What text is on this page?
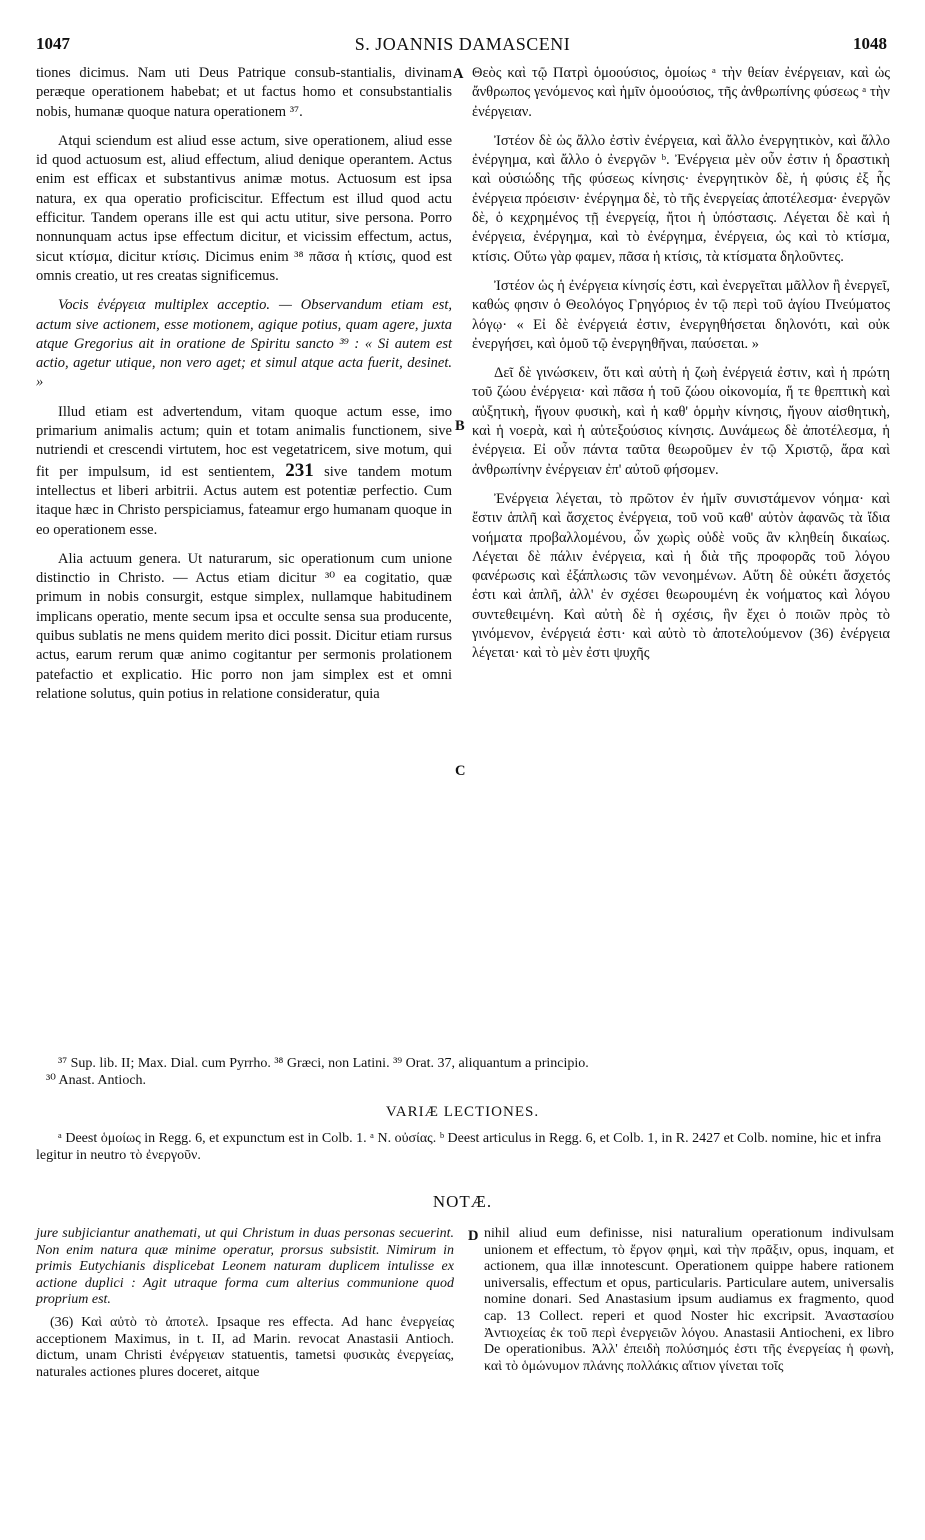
1047	S. JOANNIS DAMASCENI	1048

tiones dicimus. Nam uti Deus Patrique consub-stantialis, divinam peræque operationem habebat; et ut factus homo et consubstantialis nobis, humanæ quoque natura operationem ³⁷.

Atqui sciendum est aliud esse actum, sive operationem, aliud esse id quod actuosum est, aliud effectum, aliud denique operantem. Actus enim est efficax et substantivus animæ motus. Actuosum est ipsa natura, ex qua operatio proficiscitur. Effectum est illud quod actu efficitur. Tandem operans ille est qui actu utitur, sive persona. Porro nonnunquam actus ipse effectum dicitur, et vicissim effectum, actus, sicut κτίσμα, dicitur κτίσις. Dicimus enim ³⁸ πᾶσα ἡ κτίσις, quod est omnis creatio, ut res creatas significemus.

Vocis ἐνέργεια multiplex acceptio. — Observandum etiam est, actum sive actionem, esse motionem, agique potius, quam agere, juxta atque Gregorius ait in oratione de Spiritu sancto ³⁹ : « Si autem est actio, agetur utique, non vero aget; et simul atque acta fuerit, desinet. »

Illud etiam est advertendum, vitam quoque actum esse, imo primarium animalis actum; quin et totam animalis functionem, sive nutriendi et crescendi virtutem, hoc est vegetatricem, sive motum, qui fit per impulsum, id est sentientem, 231 sive tandem motum intellectus et liberi arbitrii. Actus autem est potentiæ perfectio. Cum itaque hæc in Christo perspiciamus, fateamur ergo humanam quoque in eo operationem esse.

Alia actuum genera. Ut naturarum, sic operationum cum unione distinctio in Christo. — Actus etiam dicitur ³⁰ ea cogitatio, quæ primum in nobis consurgit, estque simplex, nullamque habitudinem implicans operatio, mente secum ipsa et occulte sensa sua producente, quibus sublatis ne mens quidem merito dici possit. Dicitur etiam rursus actus, earum rerum quæ animo cogitantur per sermonis prolationem patefactio et explicatio. Hic porro non jam simplex est et omni relatione solutus, quin potius in relatione consideratur, quia

A
B
C
D

Θεὸς καὶ τῷ Πατρὶ ὁμοούσιος, ὁμοίως ᵃ τὴν θείαν ἐνέργειαν, καὶ ὡς ἄνθρωπος γενόμενος καὶ ἡμῖν ὁμοούσιος, τῆς ἀνθρωπίνης φύσεως ᵃ τὴν ἐνέργειαν.

Ἰστέον δὲ ὡς ἄλλο ἐστὶν ἐνέργεια, καὶ ἄλλο ἐνεργητικὸν, καὶ ἄλλο ἐνέργημα, καὶ ἄλλο ὁ ἐνεργῶν ᵇ. Ἐνέργεια μὲν οὖν ἐστιν ἡ δραστικὴ καὶ οὐσιώδης τῆς φύσεως κίνησις· ἐνεργητικὸν δὲ, ἡ φύσις ἐξ ἧς ἐνέργεια πρόεισιν· ἐνέργημα δὲ, τὸ τῆς ἐνεργείας ἀποτέλεσμα· ἐνεργῶν δὲ, ὁ κεχρημένος τῇ ἐνεργείᾳ, ἤτοι ἡ ὑπόστασις. Λέγεται δὲ καὶ ἡ ἐνέργεια, ἐνέργημα, καὶ τὸ ἐνέργημα, ἐνέργεια, ὡς καὶ τὸ κτίσμα, κτίσις. Οὕτω γὰρ φαμεν, πᾶσα ἡ κτίσις, τὰ κτίσματα δηλοῦντες.

Ἰστέον ὡς ἡ ἐνέργεια κίνησίς ἐστι, καὶ ἐνεργεῖται μᾶλλον ἢ ἐνεργεῖ, καθώς φησιν ὁ Θεολόγος Γρηγόριος ἐν τῷ περὶ τοῦ ἁγίου Πνεύματος λόγῳ· « Εἰ δὲ ἐνέργειά ἐστιν, ἐνεργηθήσεται δηλονότι, καὶ οὐκ ἐνεργήσει, καὶ ὁμοῦ τῷ ἐνεργηθῆναι, παύσεται. »

Δεῖ δὲ γινώσκειν, ὅτι καὶ αὐτὴ ἡ ζωὴ ἐνέργειά ἐστιν, καὶ ἡ πρώτη τοῦ ζώου ἐνέργεια· καὶ πᾶσα ἡ τοῦ ζώου οἰκονομία, ἥ τε θρεπτικὴ καὶ αὐξητικὴ, ἤγουν φυσικὴ, καὶ ἡ καθ' ὁρμὴν κίνησις, ἤγουν αἰσθητικὴ, καὶ ἡ νοερὰ, καὶ ἡ αὐτεξούσιος κίνησις. Δυνάμεως δὲ ἀποτέλεσμα, ἡ ἐνέργεια. Εἰ οὖν πάντα ταῦτα θεωροῦμεν ἐν τῷ Χριστῷ, ἄρα καὶ ἀνθρωπίνην ἐνέργειαν ἐπ' αὐτοῦ φήσομεν.

Ἐνέργεια λέγεται, τὸ πρῶτον ἐν ἡμῖν συνιστάμενον νόημα· καὶ ἔστιν ἁπλῆ καὶ ἄσχετος ἐνέργεια, τοῦ νοῦ καθ' αὐτὸν ἀφανῶς τὰ ἴδια νοήματα προβαλλομένου, ὧν χωρὶς οὐδὲ νοῦς ἂν κληθείη δικαίως. Λέγεται δὲ πάλιν ἐνέργεια, καὶ ἡ διὰ τῆς προφορᾶς τοῦ λόγου φανέρωσις καὶ ἐξάπλωσις τῶν νενοημένων. Αὕτη δὲ οὐκέτι ἄσχετός ἐστι καὶ ἁπλῆ, ἀλλ' ἐν σχέσει θεωρουμένη ἐκ νοήματος καὶ λόγου συντεθειμένη. Καὶ αὐτὴ δὲ ἡ σχέσις, ἣν ἔχει ὁ ποιῶν πρὸς τὸ γινόμενον, ἐνέργειά ἐστι· καὶ αὐτὸ τὸ ἀποτελούμενον (36) ἐνέργεια λέγεται· καὶ τὸ μὲν ἐστι ψυχῆς

³⁷ Sup. lib. II; Max. Dial. cum Pyrrho. ³⁸ Græci, non Latini. ³⁹ Orat. 37, aliquantum a principio.
³⁰ Anast. Antioch.
VARIÆ LECTIONES.
ᵃ Deest ὁμοίως in Regg. 6, et expunctum est in Colb. 1. ᵃ N. οὐσίας. ᵇ Deest articulus in Regg. 6, et Colb. 1, in R. 2427 et Colb. nomine, hic et infra legitur in neutro τὸ ἐνεργοῦν.
NOTÆ.

jure subjiciantur anathemati, ut qui Christum in duas personas secuerint. Non enim natura quæ minime operatur, prorsus subsistit. Nimirum in primis Eutychianis displicebat Leonem naturam duplicem intulisse ex actione duplici : Agit utraque forma cum alterius communione quod proprium est.

(36) Καὶ αὐτὸ τὸ ἀποτελ. Ipsaque res effecta. Ad hanc ἐνεργείας acceptionem Maximus, in t. II, ad Marin. revocat Anastasii Antioch. dictum, unam Christi ἐνέργειαν statuentis, tametsi φυσικὰς ἐνεργείας, naturales actiones plures doceret, aitque

nihil aliud eum definisse, nisi naturalium operationum indivulsam unionem et effectum, τὸ ἔργον φημὶ, καὶ τὴν πρᾶξιν, opus, inquam, et actionem, qua illæ innotescunt. Operationem quippe habere rationem universalis, effectum et opus, particularis. Particulare autem, universalis nomine donari. Sed Anastasium ipsum audiamus ex fragmento, quod cap. 13 Collect. reperi et quod Noster hic excripsit. Ἀναστασίου Ἀντιοχείας ἐκ τοῦ περὶ ἐνεργειῶν λόγου. Anastasii Antiocheni, ex libro De operationibus. Ἀλλ' ἐπειδὴ πολύσημός ἐστι τῆς ἐνεργείας ἡ φωνὴ, καὶ τὸ ὁμώνυμον πλάνης πολλάκις αἴτιον γίνεται τοῖς
